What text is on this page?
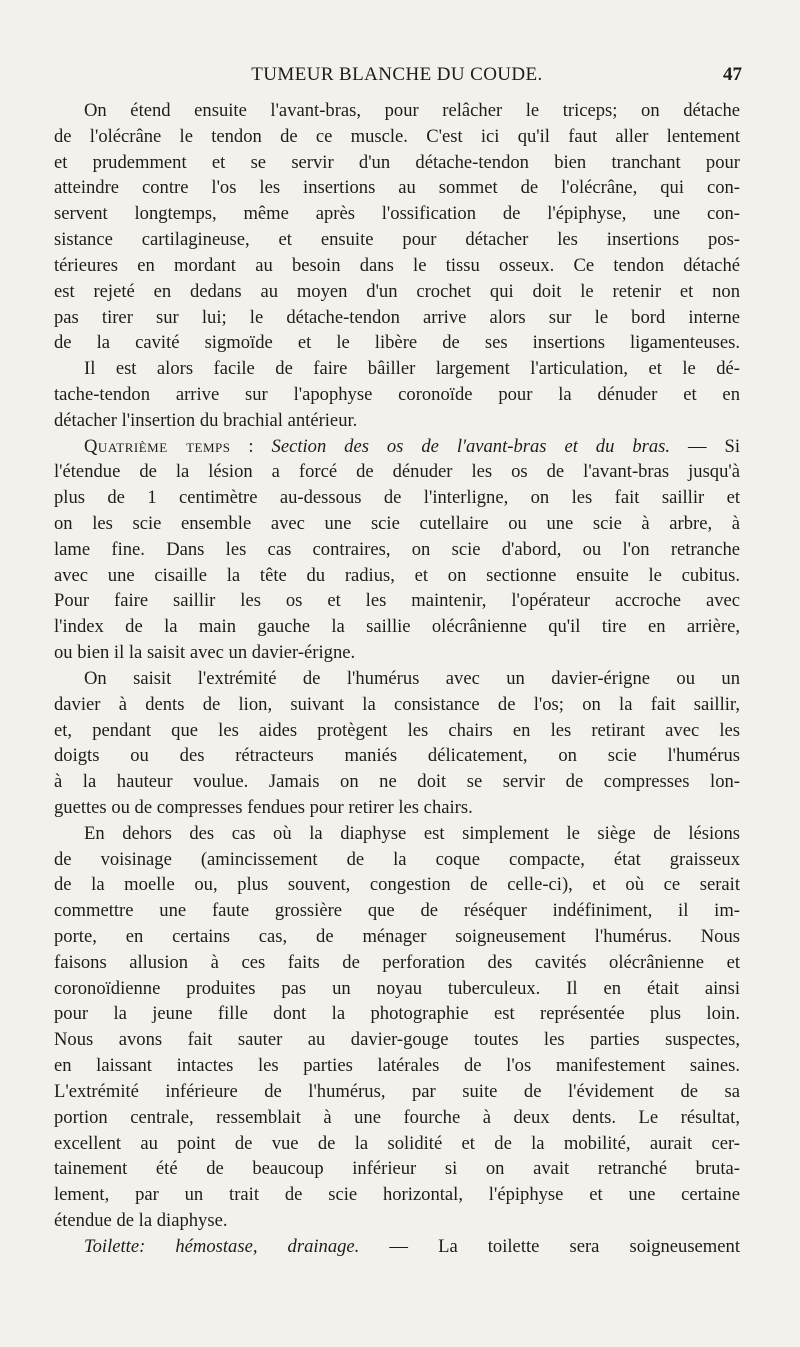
TUMEUR BLANCHE DU COUDE.	47
On étend ensuite l'avant-bras, pour relâcher le triceps; on détache
de l'olécrâne le tendon de ce muscle. C'est ici qu'il faut aller lentement
et prudemment et se servir d'un détache-tendon bien tranchant pour
atteindre contre l'os les insertions au sommet de l'olécrâne, qui con-
servent longtemps, même après l'ossification de l'épiphyse, une con-
sistance cartilagineuse, et ensuite pour détacher les insertions pos-
térieures en mordant au besoin dans le tissu osseux. Ce tendon détaché
est rejeté en dedans au moyen d'un crochet qui doit le retenir et non
pas tirer sur lui; le détache-tendon arrive alors sur le bord interne
de la cavité sigmoïde et le libère de ses insertions ligamenteuses.
Il est alors facile de faire bâiller largement l'articulation, et le dé-
tache-tendon arrive sur l'apophyse coronoïde pour la dénuder et en
détacher l'insertion du brachial antérieur.
Quatrième temps : Section des os de l'avant-bras et du bras. — Si
l'étendue de la lésion a forcé de dénuder les os de l'avant-bras jusqu'à
plus de 1 centimètre au-dessous de l'interligne, on les fait saillir et
on les scie ensemble avec une scie cutellaire ou une scie à arbre, à
lame fine. Dans les cas contraires, on scie d'abord, ou l'on retranche
avec une cisaille la tête du radius, et on sectionne ensuite le cubitus.
Pour faire saillir les os et les maintenir, l'opérateur accroche avec
l'index de la main gauche la saillie olécrânienne qu'il tire en arrière,
ou bien il la saisit avec un davier-érigne.
On saisit l'extrémité de l'humérus avec un davier-érigne ou un
davier à dents de lion, suivant la consistance de l'os; on la fait saillir,
et, pendant que les aides protègent les chairs en les retirant avec les
doigts ou des rétracteurs maniés délicatement, on scie l'humérus
à la hauteur voulue. Jamais on ne doit se servir de compresses lon-
guettes ou de compresses fendues pour retirer les chairs.
En dehors des cas où la diaphyse est simplement le siège de lésions
de voisinage (amincissement de la coque compacte, état graisseux
de la moelle ou, plus souvent, congestion de celle-ci), et où ce serait
commettre une faute grossière que de réséquer indéfiniment, il im-
porte, en certains cas, de ménager soigneusement l'humérus. Nous
faisons allusion à ces faits de perforation des cavités olécrânienne et
coronoïdienne produites pas un noyau tuberculeux. Il en était ainsi
pour la jeune fille dont la photographie est représentée plus loin.
Nous avons fait sauter au davier-gouge toutes les parties suspectes,
en laissant intactes les parties latérales de l'os manifestement saines.
L'extrémité inférieure de l'humérus, par suite de l'évidement de sa
portion centrale, ressemblait à une fourche à deux dents. Le résultat,
excellent au point de vue de la solidité et de la mobilité, aurait cer-
tainement été de beaucoup inférieur si on avait retranché bruta-
lement, par un trait de scie horizontal, l'épiphyse et une certaine
étendue de la diaphyse.
Toilette: hémostase, drainage. — La toilette sera soigneusement
